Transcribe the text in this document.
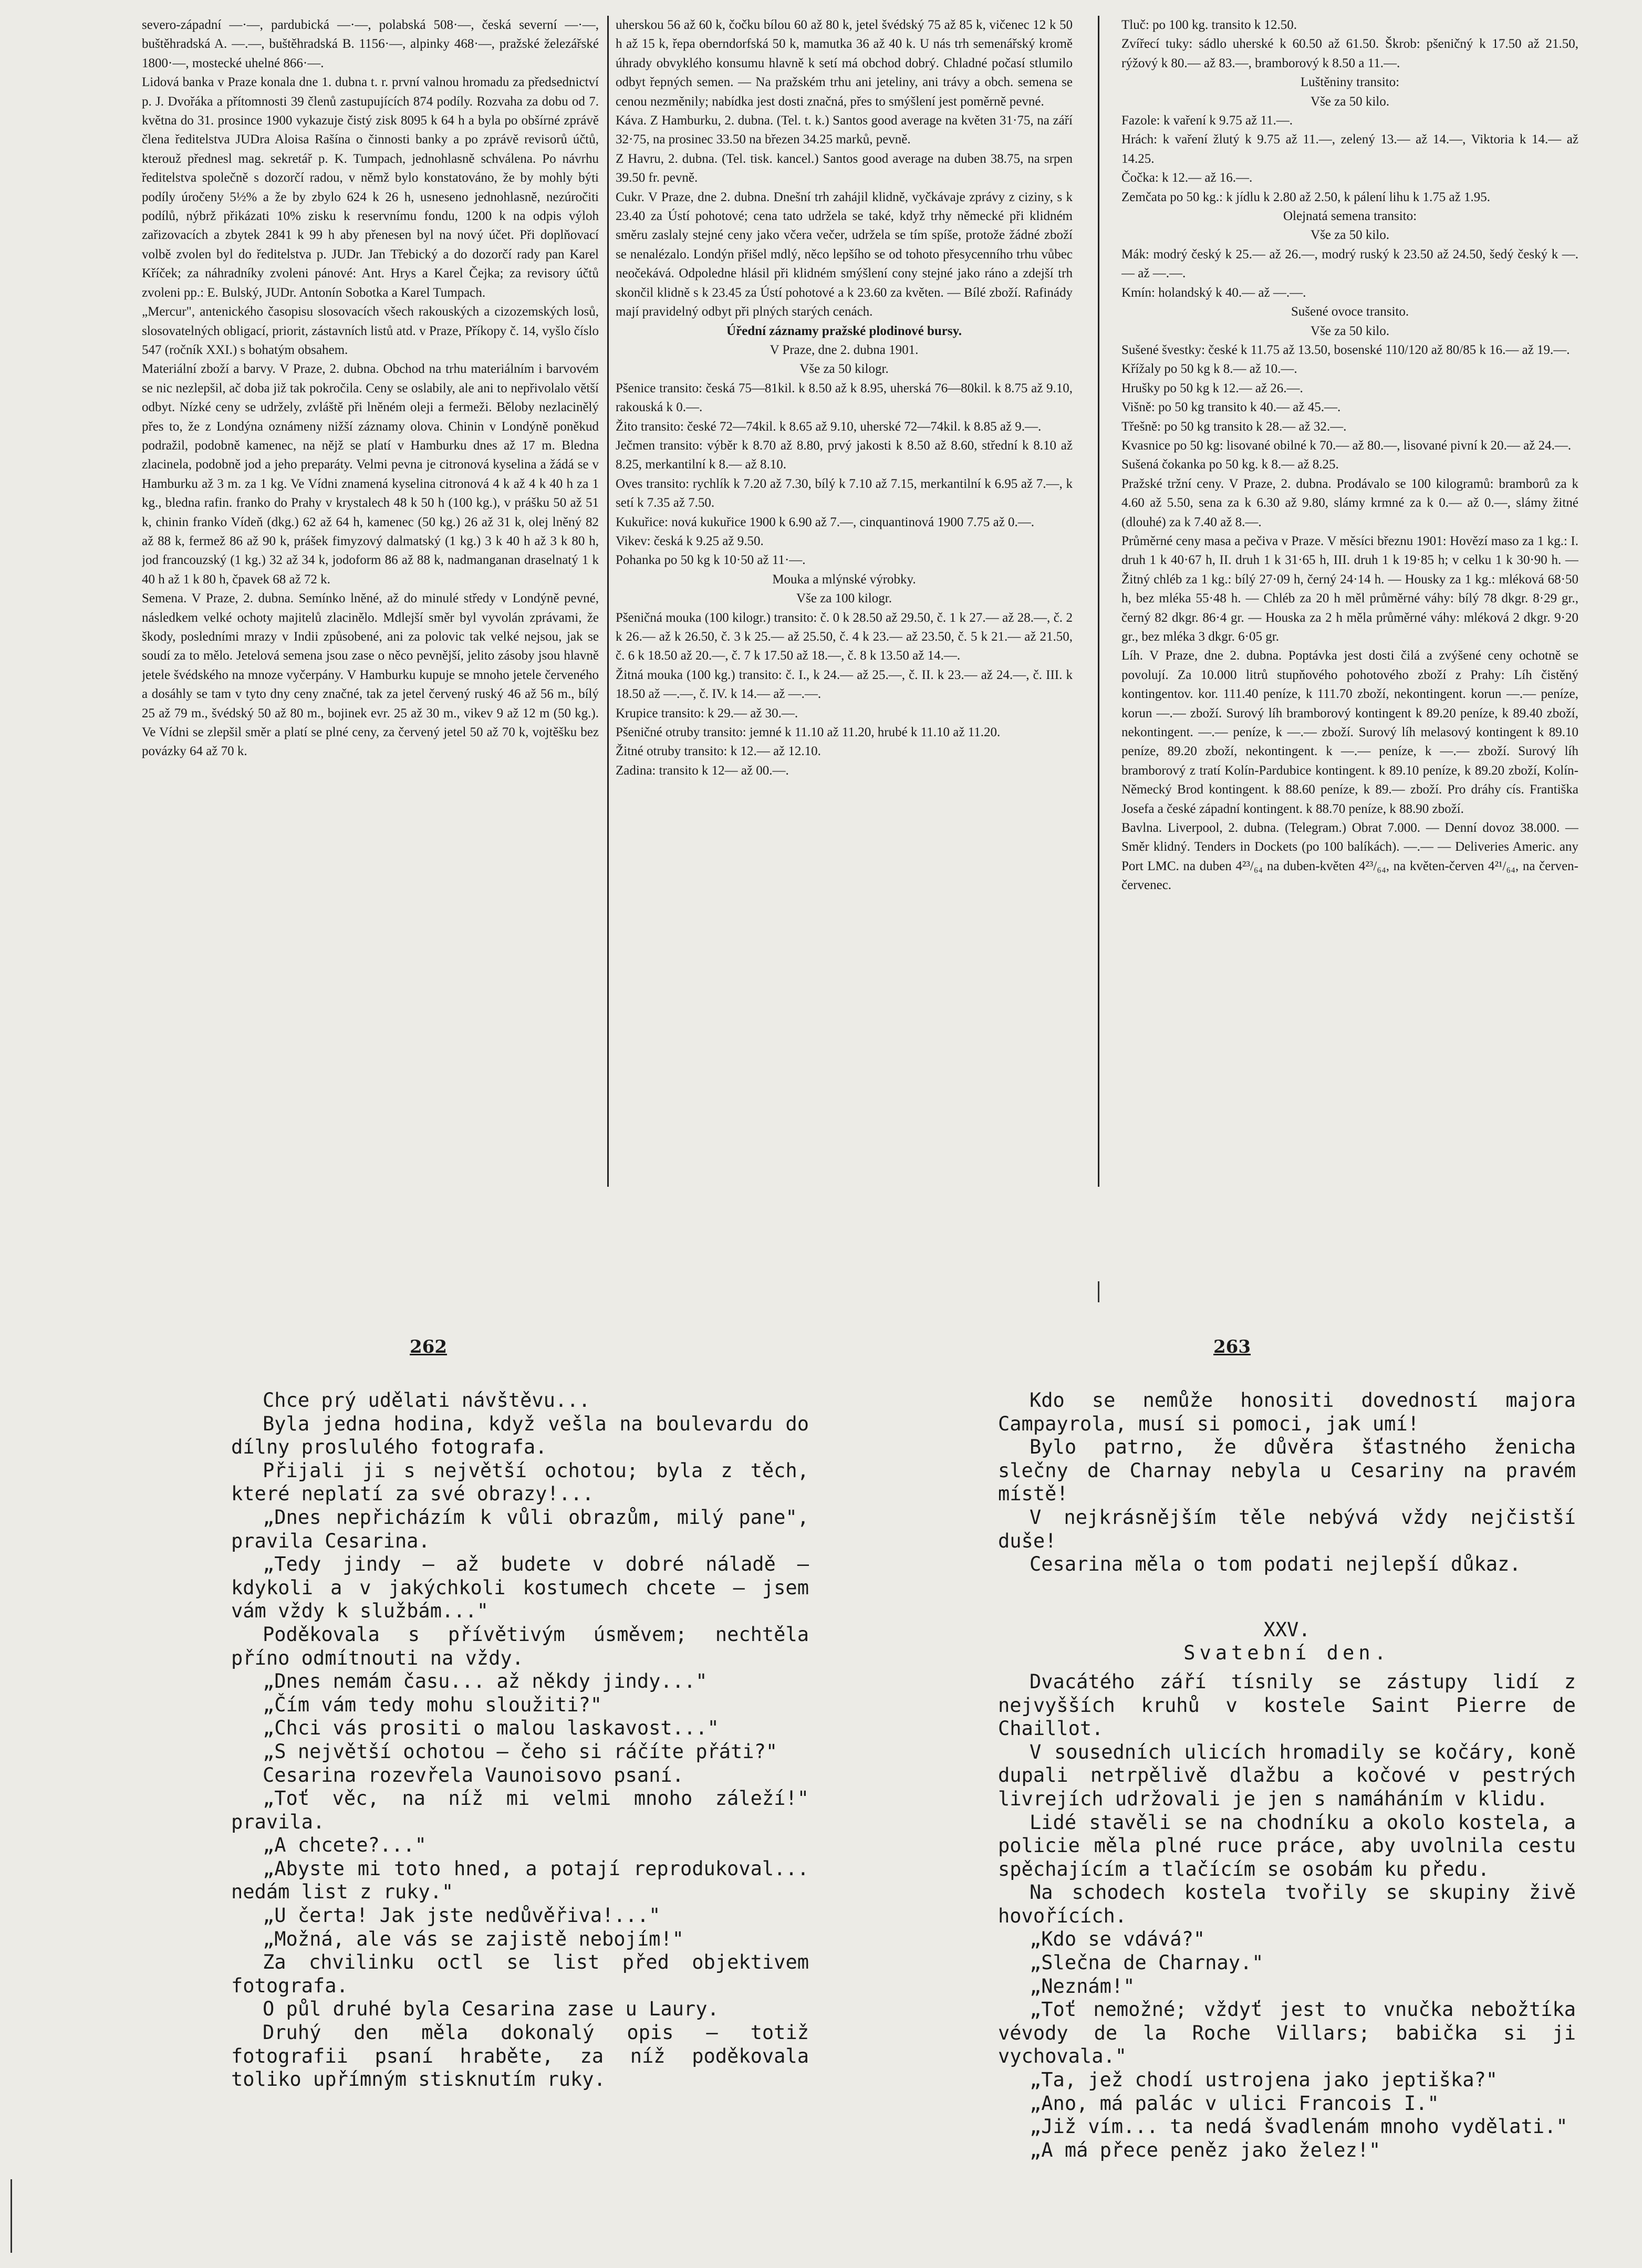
severo-západní —·—, pardubická —·—, polabská 508·—, česká severní —·—, buštěhradská A. —.—, buštěhradská B. 1156·—, alpinky 468·—, pražské železářské 1800·—, mostecké uhelné 866·—.

Lidová banka v Praze konala dne 1. dubna t. r. první valnou hromadu za předsednictví p. J. Dvořáka a přítomnosti 39 členů zastupujících 874 podíly. Rozvaha za dobu od 7. května do 31. prosince 1900 vykazuje čistý zisk 8095 k 64 h a byla po obšírné zprávě člena ředitelstva JUDra Aloisa Rašína o činnosti banky a po zprávě revisorů účtů, kterouž přednesl mag. sekretář p. K. Tumpach, jednohlasně schválena. Po návrhu ředitelstva společně s dozorčí radou, v němž bylo konstatováno, že by mohly býti podíly úročeny 5½% a že by zbylo 624 k 26 h, usneseno jednohlasně, nezúročiti podílů, nýbrž přikázati 10% zisku k reservnímu fondu, 1200 k na odpis výloh zařizovacích a zbytek 2841 k 99 h aby přenesen byl na nový účet. Při doplňovací volbě zvolen byl do ředitelstva p. JUDr. Jan Třebický a do dozorčí rady pan Karel Kříček; za náhradníky zvoleni pánové: Ant. Hrys a Karel Čejka; za revisory účtů zvoleni pp.: E. Bulský, JUDr. Antonín Sobotka a Karel Tumpach.

„Mercur", antenického časopisu slosovacích všech rakouských a cizozemských losů, slosovatelných obligací, priorit, zástavních listů atd. v Praze, Příkopy č. 14, vyšlo číslo 547 (ročník XXI.) s bohatým obsahem.

Materiální zboží a barvy. V Praze, 2. dubna. Obchod na trhu materiálním i barvovém se nic nezlepšil, ač doba již tak pokročila. Ceny se oslabily, ale ani to nepřivolalo větší odbyt. Nízké ceny se udržely, zvláště při lněném oleji a fermeži. Běloby nezlacinělý přes to, že z Londýna oznámeny nižší záznamy olova. Chinin v Londýně poněkud podražil, podobně kamenec, na nějž se platí v Hamburku dnes až 17 m. Bledna zlacinela, podobně jod a jeho preparáty. Velmi pevna je citronová kyselina a žádá se v Hamburku až 3 m. za 1 kg. Ve Vídni znamená kyselina citronová 4 k až 4 k 40 h za 1 kg., bledna rafin. franko do Prahy v krystalech 48 k 50 h (100 kg.), v prášku 50 až 51 k, chinin franko Vídeň (dkg.) 62 až 64 h, kamenec (50 kg.) 26 až 31 k, olej lněný 82 až 88 k, fermež 86 až 90 k, prášek fimyzový dalmatský (1 kg.) 3 k 40 h až 3 k 80 h, jod francouzský (1 kg.) 32 až 34 k, jodoform 86 až 88 k, nadmanganan draselnatý 1 k 40 h až 1 k 80 h, čpavek 68 až 72 k.

Semena. V Praze, 2. dubna. Semínko lněné, až do minulé středy v Londýně pevné, následkem velké ochoty majitelů zlacinělo. Mdlejší směr byl vyvolán zprávami, že škody, posledními mrazy v Indii způsobené, ani za polovic tak velké nejsou, jak se soudí za to mělo. Jetelová semena jsou zase o něco pevnější, jelito zásoby jsou hlavně jetele švédského na mnoze vyčerpány. V Hamburku kupuje se mnoho jetele červeného a dosáhly se tam v tyto dny ceny značné, tak za jetel červený ruský 46 až 56 m., bílý 25 až 79 m., švédský 50 až 80 m., bojinek evr. 25 až 30 m., vikev 9 až 12 m (50 kg.). Ve Vídni se zlepšil směr a platí se plné ceny, za červený jetel 50 až 70 k, vojtěšku bez povázky 64 až 70 k.

uherskou 56 až 60 k, čočku bílou 60 až 80 k, jetel švédský 75 až 85 k, vičenec 12 k 50 h až 15 k, řepa oberndorfská 50 k, mamutka 36 až 40 k. U nás trh semenářský kromě úhrady obvyklého konsumu hlavně k setí má obchod dobrý. Chladné počasí stlumilo odbyt řepných semen. — Na pražském trhu ani jeteliny, ani trávy a obch. semena se cenou nezměnily; nabídka jest dosti značná, přes to smýšlení jest poměrně pevné.

Káva. Z Hamburku, 2. dubna. (Tel. t. k.) Santos good average na květen 31·75, na září 32·75, na prosinec 33.50 na březen 34.25 marků, pevně.

Z Havru, 2. dubna. (Tel. tisk. kancel.) Santos good average na duben 38.75, na srpen 39.50 fr. pevně.

Cukr. V Praze, dne 2. dubna. Dnešní trh zahájil klidně, vyčkávaje zprávy z ciziny, s k 23.40 za Ústí pohotové; cena tato udržela se také, když trhy německé při klidném směru zaslaly stejné ceny jako včera večer, udržela se tím spíše, protože žádné zboží se nenalézalo. Londýn přišel mdlý, něco lepšího se od tohoto přesycenního trhu vůbec neočekává. Odpoledne hlásil při klidném smýšlení cony stejné jako ráno a zdejší trh skončil klidně s k 23.45 za Ústí pohotové a k 23.60 za květen. — Bílé zboží. Rafinády mají pravidelný odbyt při plných starých cenách.

Úřední záznamy pražské plodinové bursy.

V Praze, dne 2. dubna 1901.

Vše za 50 kilogr.

Pšenice transito: česká 75—81kil. k 8.50 až k 8.95, uherská 76—80kil. k 8.75 až 9.10, rakouská k 0.—.

Žito transito: české 72—74kil. k 8.65 až 9.10, uherské 72—74kil. k 8.85 až 9.—.

Ječmen transito: výběr k 8.70 až 8.80, prvý jakosti k 8.50 až 8.60, střední k 8.10 až 8.25, merkantilní k 8.— až 8.10.

Oves transito: rychlík k 7.20 až 7.30, bílý k 7.10 až 7.15, merkantilní k 6.95 až 7.—, k setí k 7.35 až 7.50.

Kukuřice: nová kukuřice 1900 k 6.90 až 7.—, cinquantinová 1900 7.75 až 0.—.

Vikev: česká k 9.25 až 9.50.

Pohanka po 50 kg k 10·50 až 11·—.

Mouka a mlýnské výrobky.

Vše za 100 kilogr.

Pšeničná mouka (100 kilogr.) transito: č. 0 k 28.50 až 29.50, č. 1 k 27.— až 28.—, č. 2 k 26.— až k 26.50, č. 3 k 25.— až 25.50, č. 4 k 23.— až 23.50, č. 5 k 21.— až 21.50, č. 6 k 18.50 až 20.—, č. 7 k 17.50 až 18.—, č. 8 k 13.50 až 14.—.

Žitná mouka (100 kg.) transito: č. I., k 24.— až 25.—, č. II. k 23.— až 24.—, č. III. k 18.50 až —.—, č. IV. k 14.— až —.—.

Krupice transito: k 29.— až 30.—.

Pšeničné otruby transito: jemné k 11.10 až 11.20, hrubé k 11.10 až 11.20.

Žitné otruby transito: k 12.— až 12.10.

Zadina: transito k 12— až 00.—.

Tluč: po 100 kg. transito k 12.50.

Zvířecí tuky: sádlo uherské k 60.50 až 61.50. Škrob: pšeničný k 17.50 až 21.50, rýžový k 80.— až 83.—, bramborový k 8.50 a 11.—.

Luštěniny transito:

Vše za 50 kilo.

Fazole: k vaření k 9.75 až 11.—.

Hrách: k vaření žlutý k 9.75 až 11.—, zelený 13.— až 14.—, Viktoria k 14.— až 14.25.

Čočka: k 12.— až 16.—.

Zemčata po 50 kg.: k jídlu k 2.80 až 2.50, k pálení lihu k 1.75 až 1.95.

Olejnatá semena transito:

Vše za 50 kilo.

Mák: modrý český k 25.— až 26.—, modrý ruský k 23.50 až 24.50, šedý český k —.— až —.—.

Kmín: holandský k 40.— až —.—.

Sušené ovoce transito.

Vše za 50 kilo.

Sušené švestky: české k 11.75 až 13.50, bosenské 110/120 až 80/85 k 16.— až 19.—.

Křížaly po 50 kg k 8.— až 10.—.

Hrušky po 50 kg k 12.— až 26.—.

Višně: po 50 kg transito k 40.— až 45.—.

Třešně: po 50 kg transito k 28.— až 32.—.

Kvasnice po 50 kg: lisované obilné k 70.— až 80.—, lisované pivní k 20.— až 24.—.

Sušená čokanka po 50 kg. k 8.— až 8.25.

Pražské tržní ceny. V Praze, 2. dubna. Prodávalo se 100 kilogramů: bramborů za k 4.60 až 5.50, sena za k 6.30 až 9.80, slámy krmné za k 0.— až 0.—, slámy žitné (dlouhé) za k 7.40 až 8.—.

Průměrné ceny masa a pečiva v Praze. V měsíci březnu 1901: Hovězí maso za 1 kg.: I. druh 1 k 40·67 h, II. druh 1 k 31·65 h, III. druh 1 k 19·85 h; v celku 1 k 30·90 h. — Žitný chléb za 1 kg.: bílý 27·09 h, černý 24·14 h. — Housky za 1 kg.: mléková 68·50 h, bez mléka 55·48 h. — Chléb za 20 h měl průměrné váhy: bílý 78 dkgr. 8·29 gr., černý 82 dkgr. 86·4 gr. — Houska za 2 h měla průměrné váhy: mléková 2 dkgr. 9·20 gr., bez mléka 3 dkgr. 6·05 gr.

Líh. V Praze, dne 2. dubna. Poptávka jest dosti čilá a zvýšené ceny ochotně se povolují. Za 10.000 litrů stupňového pohotového zboží z Prahy: Líh čistěný kontingentov. kor. 111.40 peníze, k 111.70 zboží, nekontingent. korun —.— peníze, korun —.— zboží. Surový líh bramborový kontingent k 89.20 peníze, k 89.40 zboží, nekontingent. —.— peníze, k —.— zboží. Surový líh melasový kontingent k 89.10 peníze, 89.20 zboží, nekontingent. k —.— peníze, k —.— zboží. Surový líh bramborový z tratí Kolín-Pardubice kontingent. k 89.10 peníze, k 89.20 zboží, Kolín-Německý Brod kontingent. k 88.60 peníze, k 89.— zboží. Pro dráhy cís. Františka Josefa a české západní kontingent. k 88.70 peníze, k 88.90 zboží.

Bavlna. Liverpool, 2. dubna. (Telegram.) Obrat 7.000. — Denní dovoz 38.000. — Směr klidný. Tenders in Dockets (po 100 balíkách). —.— — Deliveries Americ. any Port LMC. na duben 4²³/₆₄ na duben-květen 4²³/₆₄, na květen-červen 4²¹/₆₄, na červen-červenec.

262	263

Chce prý udělati návštěvu...

Byla jedna hodina, když vešla na boulevardu do dílny proslulého fotografa.

Přijali ji s největší ochotou; byla z těch, které neplatí za své obrazy!...

„Dnes nepřicházím k vůli obrazům, milý pane", pravila Cesarina.

„Tedy jindy — až budete v dobré náladě — kdykoli a v jakýchkoli kostumech chcete — jsem vám vždy k službám..."

Poděkovala s přívětivým úsměvem; nechtěla příno odmítnouti na vždy.

„Dnes nemám času... až někdy jindy..."

„Čím vám tedy mohu sloužiti?"

„Chci vás prositi o malou laskavost..."

„S největší ochotou — čeho si ráčíte přáti?"

Cesarina rozevřela Vaunoisovo psaní.

„Toť věc, na níž mi velmi mnoho záleží!" pravila.

„A chcete?..."

„Abyste mi toto hned, a potají reprodukoval... nedám list z ruky."

„U čerta! Jak jste nedůvěřiva!..."

„Možná, ale vás se zajistě nebojím!"

Za chvilinku octl se list před objektivem fotografa.

O půl druhé byla Cesarina zase u Laury.

Druhý den měla dokonalý opis — totiž fotografii psaní hraběte, za níž poděkovala toliko upřímným stisknutím ruky.

Kdo se nemůže honositi dovedností majora Campayrola, musí si pomoci, jak umí!

Bylo patrno, že důvěra šťastného ženicha slečny de Charnay nebyla u Cesariny na pravém místě!

V nejkrásnějším těle nebývá vždy nejčistší duše!

Cesarina měla o tom podati nejlepší důkaz.

XXV.

Svatební den.

Dvacátého září tísnily se zástupy lidí z nejvyšších kruhů v kostele Saint Pierre de Chaillot.

V sousedních ulicích hromadily se kočáry, koně dupali netrpělivě dlažbu a kočové v pestrých livrejích udržovali je jen s namáháním v klidu.

Lidé stavěli se na chodníku a okolo kostela, a policie měla plné ruce práce, aby uvolnila cestu spěchajícím a tlačícím se osobám ku předu.

Na schodech kostela tvořily se skupiny živě hovořících.

„Kdo se vdává?"

„Slečna de Charnay."

„Neznám!"

„Toť nemožné; vždyť jest to vnučka nebožtíka vévody de la Roche Villars; babička si ji vychovala."

„Ta, jež chodí ustrojena jako jeptiška?"

„Ano, má palác v ulici Francois I."

„Již vím... ta nedá švadlenám mnoho vydělati."

„A má přece peněz jako želez!"
